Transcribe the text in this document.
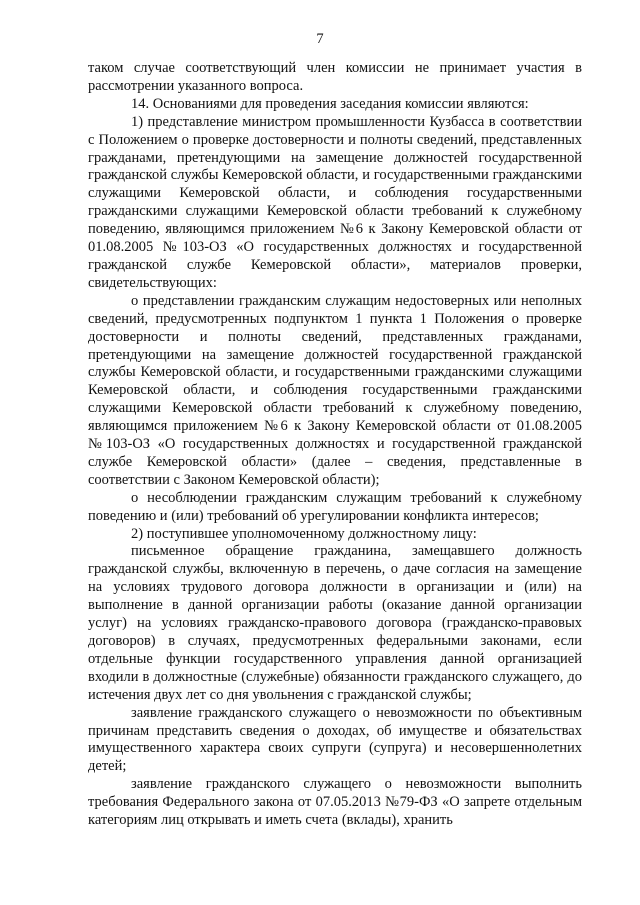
7

таком случае соответствующий член комиссии не принимает участия в рассмотрении указанного вопроса.

14. Основаниями для проведения заседания комиссии являются:

1) представление министром промышленности Кузбасса в соответствии с Положением о проверке достоверности и полноты сведений, представленных гражданами, претендующими на замещение должностей государственной гражданской службы Кемеровской области, и государственными гражданскими служащими Кемеровской области, и соблюдения государственными гражданскими служащими Кемеровской области требований к служебному поведению, являющимся приложением №6 к Закону Кемеровской области от 01.08.2005 №103-ОЗ «О государственных должностях и государственной гражданской службе Кемеровской области», материалов проверки, свидетельствующих:

о представлении гражданским служащим недостоверных или неполных сведений, предусмотренных подпунктом 1 пункта 1 Положения о проверке достоверности и полноты сведений, представленных гражданами, претендующими на замещение должностей государственной гражданской службы Кемеровской области, и государственными гражданскими служащими Кемеровской области, и соблюдения государственными гражданскими служащими Кемеровской области требований к служебному поведению, являющимся приложением №6 к Закону Кемеровской области от 01.08.2005 №103-ОЗ «О государственных должностях и государственной гражданской службе Кемеровской области» (далее – сведения, представленные в соответствии с Законом Кемеровской области);

о несоблюдении гражданским служащим требований к служебному поведению и (или) требований об урегулировании конфликта интересов;

2) поступившее уполномоченному должностному лицу:

письменное обращение гражданина, замещавшего должность гражданской службы, включенную в перечень, о даче согласия на замещение на условиях трудового договора должности в организации и (или) на выполнение в данной организации работы (оказание данной организации услуг) на условиях гражданско-правового договора (гражданско-правовых договоров) в случаях, предусмотренных федеральными законами, если отдельные функции государственного управления данной организацией входили в должностные (служебные) обязанности гражданского служащего, до истечения двух лет со дня увольнения с гражданской службы;

заявление гражданского служащего о невозможности по объективным причинам представить сведения о доходах, об имуществе и обязательствах имущественного характера своих супруги (супруга) и несовершеннолетних детей;

заявление гражданского служащего о невозможности выполнить требования Федерального закона от 07.05.2013 №79-ФЗ «О запрете отдельным категориям лиц открывать и иметь счета (вклады), хранить
